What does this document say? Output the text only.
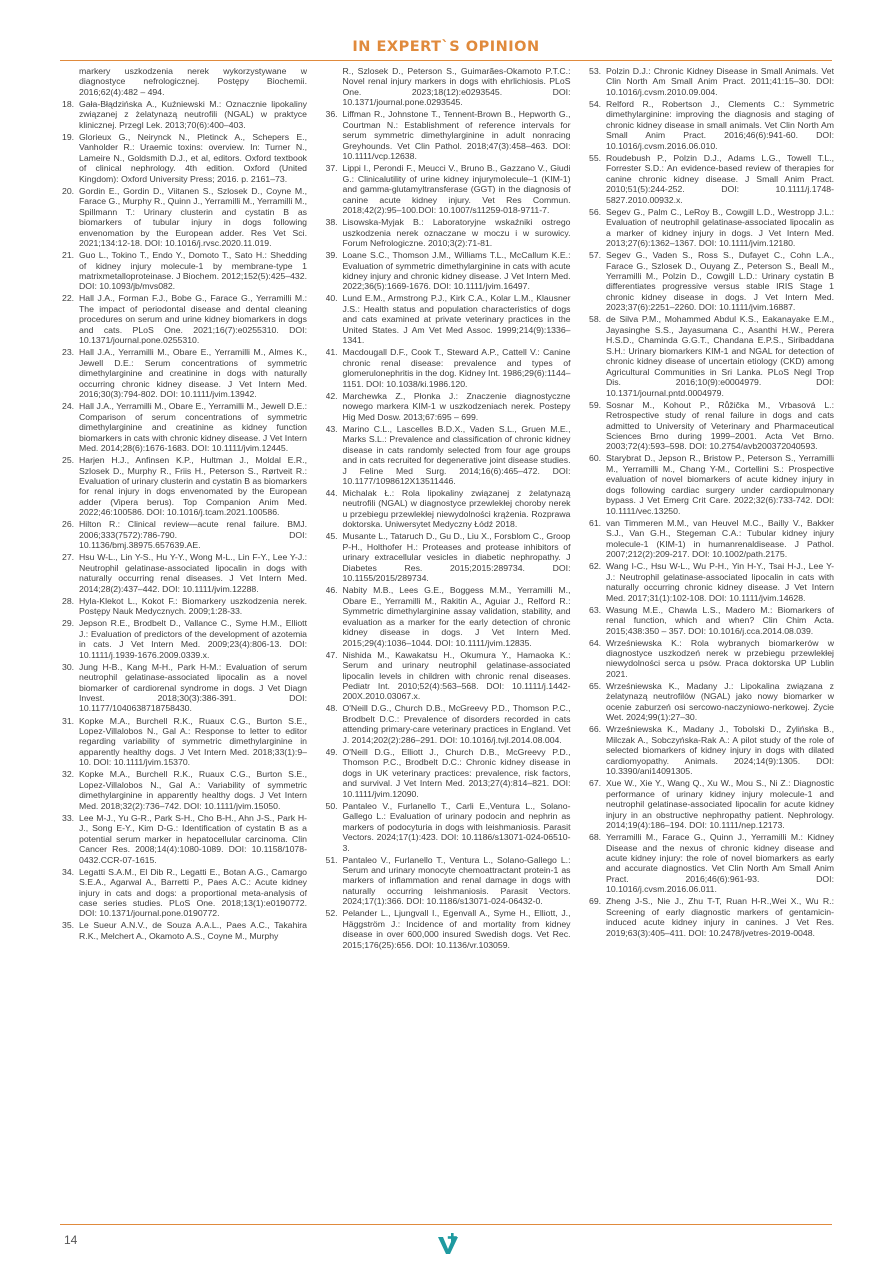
IN EXPERT`S OPINION
markery uszkodzenia nerek wykorzystywane w diagnostyce nefrologicznej. Postępy Biochemii. 2016;62(4):482 – 494.
18. Gała-Błądzińska A., Kuźniewski M.: Oznacznie lipokaliny związanej z żelatynazą neutrofili (NGAL) w praktyce klinicznej. Przegl Lek. 2013;70(6):400–403.
19. Glorieux G., Neirynck N., Pletinck A., Schepers E., Vanholder R.: Uraemic toxins: overview. In: Turner N., Lameire N., Goldsmith D.J., et al, editors. Oxford textbook of clinical nephrology. 4th edition. Oxford (United Kingdom): Oxford University Press; 2016. p. 2161–73.
20. Gordin E., Gordin D., Viitanen S., Szlosek D., Coyne M., Farace G., Murphy R., Quinn J., Yerramilli M., Yerramilli M., Spillmann T.: Urinary clusterin and cystatin B as biomarkers of tubular injury in dogs following envenomation by the European adder. Res Vet Sci. 2021;134:12-18. DOI: 10.1016/j.rvsc.2020.11.019.
21. Guo L., Tokino T., Endo Y., Domoto T., Sato H.: Shedding of kidney injury molecule-1 by membrane-type 1 matrixmetalloproteinase. J Biochem. 2012;152(5):425–432. DOI: 10.1093/jb/mvs082.
22. Hall J.A., Forman F.J., Bobe G., Farace G., Yerramilli M.: The impact of periodontal disease and dental cleaning procedures on serum and urine kidney biomarkers in dogs and cats. PLoS One. 2021;16(7):e0255310. DOI: 10.1371/journal.pone.0255310.
23. Hall J.A., Yerramilli M., Obare E., Yerramilli M., Almes K., Jewell D.E.: Serum concentrations of symmetric dimethylarginine and creatinine in dogs with naturally occurring chronic kidney disease. J Vet Intern Med. 2016;30(3):794-802. DOI: 10.1111/jvim.13942.
24. Hall J.A., Yerramilli M., Obare E., Yerramilli M., Jewell D.E.: Comparison of serum concentrations of symmetric dimethylarginine and creatinine as kidney function biomarkers in cats with chronic kidney disease. J Vet Intern Med. 2014;28(6):1676-1683. DOI: 10.1111/jvim.12445.
25. Harjen H.J., Anfinsen K.P., Hultman J., Moldal E.R., Szlosek D., Murphy R., Friis H., Peterson S., Rørtveit R.: Evaluation of urinary clusterin and cystatin B as biomarkers for renal injury in dogs envenomated by the European adder (Vipera berus). Top Companion Anim Med. 2022;46:100586. DOI: 10.1016/j.tcam.2021.100586.
26. Hilton R.: Clinical review—acute renal failure. BMJ. 2006;333(7572):786-790. DOI: 10.1136/bmj.38975.657639.AE.
27. Hsu W-L., Lin Y-S., Hu Y-Y., Wong M-L., Lin F-Y., Lee Y-J.: Neutrophil gelatinase-associated lipocalin in dogs with naturally occurring renal diseases. J Vet Intern Med. 2014;28(2):437–442. DOI: 10.1111/jvim.12288.
28. Hyla-Klekot L., Kokot F.: Biomarkery uszkodzenia nerek. Postępy Nauk Medycznych. 2009;1:28-33.
29. Jepson R.E., Brodbelt D., Vallance C., Syme H.M., Elliott J.: Evaluation of predictors of the development of azotemia in cats. J Vet Intern Med. 2009;23(4):806-13. DOI: 10.1111/j.1939-1676.2009.0339.x.
30. Jung H-B., Kang M-H., Park H-M.: Evaluation of serum neutrophil gelatinase-associated lipocalin as a novel biomarker of cardiorenal syndrome in dogs. J Vet Diagn Invest. 2018;30(3):386-391. DOI: 10.1177/1040638718758430.
31. Kopke M.A., Burchell R.K., Ruaux C.G., Burton S.E., Lopez-Villalobos N., Gal A.: Response to letter to editor regarding variability of symmetric dimethylarginine in apparently healthy dogs. J Vet Intern Med. 2018;33(1):9–10. DOI: 10.1111/jvim.15370.
32. Kopke M.A., Burchell R.K., Ruaux C.G., Burton S.E., Lopez-Villalobos N., Gal A.: Variability of symmetric dimethylarginine in apparently healthy dogs. J Vet Intern Med. 2018;32(2):736–742. DOI: 10.1111/jvim.15050.
33. Lee M-J., Yu G-R., Park S-H., Cho B-H., Ahn J-S., Park H-J., Song E-Y., Kim D-G.: Identification of cystatin B as a potential serum marker in hepatocellular carcinoma. Clin Cancer Res. 2008;14(4):1080-1089. DOI: 10.1158/1078-0432.CCR-07-1615.
34. Legatti S.A.M., El Dib R., Legatti E., Botan A.G., Camargo S.E.A., Agarwal A., Barretti P., Paes A.C.: Acute kidney injury in cats and dogs: a proportional meta-analysis of case series studies. PLoS One. 2018;13(1):e0190772. DOI: 10.1371/journal.pone.0190772.
35. Le Sueur A.N.V., de Souza A.A.L., Paes A.C., Takahira R.K., Melchert A., Okamoto A.S., Coyne M., Murphy
R., Szlosek D., Peterson S., Guimarães-Okamoto P.T.C.: Novel renal injury markers in dogs with ehrlichiosis. PLoS One. 2023;18(12):e0293545. DOI: 10.1371/journal.pone.0293545.
36. Liffman R., Johnstone T., Tennent-Brown B., Hepworth G., Courtman N.: Establishment of reference intervals for serum symmetric dimethylarginine in adult nonracing Greyhounds. Vet Clin Pathol. 2018;47(3):458–463. DOI: 10.1111/vcp.12638.
37. Lippi I., Perondi F., Meucci V., Bruno B., Gazzano V., Giudi G.: Clinicalutility of urine kidney injurymolecule–1 (KIM-1) and gamma-glutamyltransferase (GGT) in the diagnosis of canine acute kidney injury. Vet Res Commun. 2018;42(2):95–100.DOI: 10.1007/s11259-018-9711-7.
38. Lisowska-Myjak B.: Laboratoryjne wskaźniki ostrego uszkodzenia nerek oznaczane w moczu i w surowicy. Forum Nefrologiczne. 2010;3(2):71-81.
39. Loane S.C., Thomson J.M., Williams T.L., McCallum K.E.: Evaluation of symmetric dimethylarginine in cats with acute kidney injury and chronic kidney disease. J Vet Intern Med. 2022;36(5):1669-1676. DOI: 10.1111/jvim.16497.
40. Lund E.M., Armstrong P.J., Kirk C.A., Kolar L.M., Klausner J.S.: Health status and population characteristics of dogs and cats examined at private veterinary practices in the United States. J Am Vet Med Assoc. 1999;214(9):1336–1341.
41. Macdougall D.F., Cook T., Steward A.P., Cattell V.: Canine chronic renal disease: prevalence and types of glomerulonephritis in the dog. Kidney Int. 1986;29(6):1144–1151. DOI: 10.1038/ki.1986.120.
42. Marchewka Z., Płonka J.: Znaczenie diagnostyczne nowego markera KIM-1 w uszkodzeniach nerek. Postepy Hig Med Dosw. 2013;67:695 – 699.
43. Marino C.L., Lascelles B.D.X., Vaden S.L., Gruen M.E., Marks S.L.: Prevalence and classification of chronic kidney disease in cats randomly selected from four age groups and in cats recruited for degenerative joint disease studies. J Feline Med Surg. 2014;16(6):465–472. DOI: 10.1177/1098612X13511446.
44. Michalak Ł.: Rola lipokaliny związanej z żelatynazą neutrofili (NGAL) w diagnostyce przewlekłej choroby nerek u przebiegu przewlekłej niewydolności krążenia. Rozprawa doktorska. Uniwersytet Medyczny Łódź 2018.
45. Musante L., Tataruch D., Gu D., Liu X., Forsblom C., Groop P-H., Holthofer H.: Proteases and protease inhibitors of urinary extracellular vesicles in diabetic nephropathy. J Diabetes Res. 2015;2015:289734. DOI: 10.1155/2015/289734.
46. Nabity M.B., Lees G.E., Boggess M.M., Yerramilli M., Obare E., Yerramilli M., Rakitin A., Aguiar J., Relford R.: Symmetric dimethylarginine assay validation, stability, and evaluation as a marker for the early detection of chronic kidney disease in dogs. J Vet Intern Med. 2015;29(4):1036–1044. DOI: 10.1111/jvim.12835.
47. Nishida M., Kawakatsu H., Okumura Y., Hamaoka K.: Serum and urinary neutrophil gelatinase-associated lipocalin levels in children with chronic renal diseases. Pediatr Int. 2010;52(4):563–568. DOI: 10.1111/j.1442-200X.2010.03067.x.
48. O'Neill D.G., Church D.B., McGreevy P.D., Thomson P.C., Brodbelt D.C.: Prevalence of disorders recorded in cats attending primary-care veterinary practices in England. Vet J. 2014;202(2):286–291. DOI: 10.1016/j.tvjl.2014.08.004.
49. O'Neill D.G., Elliott J., Church D.B., McGreevy P.D., Thomson P.C., Brodbelt D.C.: Chronic kidney disease in dogs in UK veterinary practices: prevalence, risk factors, and survival. J Vet Intern Med. 2013;27(4):814–821. DOI: 10.1111/jvim.12090.
50. Pantaleo V., Furlanello T., Carli E.,Ventura L., Solano-Gallego L.: Evaluation of urinary podocin and nephrin as markers of podocyturia in dogs with leishmaniosis. Parasit Vectors. 2024;17(1):423. DOI: 10.1186/s13071-024-06510-3.
51. Pantaleo V., Furlanello T., Ventura L., Solano-Gallego L.: Serum and urinary monocyte chemoattractant protein-1 as markers of inflammation and renal damage in dogs with naturally occurring leishmaniosis. Parasit Vectors. 2024;17(1):366. DOI: 10.1186/s13071-024-06432-0.
52. Pelander L., Ljungvall I., Egenvall A., Syme H., Elliott, J., Häggström J.: Incidence of and mortality from kidney disease in over 600,000 insured Swedish dogs. Vet Rec. 2015;176(25):656. DOI: 10.1136/vr.103059.
53. Polzin D.J.: Chronic Kidney Disease in Small Animals. Vet Clin North Am Small Anim Pract. 2011;41:15–30. DOI: 10.1016/j.cvsm.2010.09.004.
54. Relford R., Robertson J., Clements C.: Symmetric dimethylarginine: improving the diagnosis and staging of chronic kidney disease in small animals. Vet Clin North Am Small Anim Pract. 2016;46(6):941-60. DOI: 10.1016/j.cvsm.2016.06.010.
55. Roudebush P., Polzin D.J., Adams L.G., Towell T.L., Forrester S.D.: An evidence-based review of therapies for canine chronic kidney disease. J Small Anim Pract. 2010;51(5):244-252. DOI: 10.1111/j.1748-5827.2010.00932.x.
56. Segev G., Palm C., LeRoy B., Cowgill L.D., Westropp J.L.: Evaluation of neutrophil gelatinase-associated lipocalin as a marker of kidney injury in dogs. J Vet Intern Med. 2013;27(6):1362–1367. DOI: 10.1111/jvim.12180.
57. Segev G., Vaden S., Ross S., Dufayet C., Cohn L.A., Farace G., Szlosek D., Ouyang Z., Peterson S., Beall M., Yerramilli M., Polzin D., Cowgill L.D.: Urinary cystatin B differentiates progressive versus stable IRIS Stage 1 chronic kidney disease in dogs. J Vet Intern Med. 2023;37(6):2251–2260. DOI: 10.1111/jvim.16887.
58. de Silva P.M., Mohammed Abdul K.S., Eakanayake E.M., Jayasinghe S.S., Jayasumana C., Asanthi H.W., Perera H.S.D., Chaminda G.G.T., Chandana E.P.S., Siribaddana S.H.: Urinary biomarkers KIM-1 and NGAL for detection of chronic kidney disease of uncertain etiology (CKD) among Agricultural Communities in Sri Lanka. PLoS Negl Trop Dis. 2016;10(9):e0004979. DOI: 10.1371/journal.pntd.0004979.
59. Sosnar M., Kohout P., Růžička M., Vrbasová L.: Retrospective study of renal failure in dogs and cats admitted to University of Veterinary and Pharmaceutical Sciences Brno during 1999–2001. Acta Vet Brno. 2003;72(4):593–598. DOI: 10.2754/avb200372040593.
60. Starybrat D., Jepson R., Bristow P., Peterson S., Yerramilli M., Yerramilli M., Chang Y-M., Cortellini S.: Prospective evaluation of novel biomarkers of acute kidney injury in dogs following cardiac surgery under cardiopulmonary bypass. J Vet Emerg Crit Care. 2022;32(6):733-742. DOI: 10.1111/vec.13250.
61. van Timmeren M.M., van Heuvel M.C., Bailly V., Bakker S.J., Van G.H., Stegeman C.A.: Tubular kidney injury molecule-1 (KIM-1) in humanrenaldisease. J Pathol. 2007;212(2):209-217. DOI: 10.1002/path.2175.
62. Wang I-C., Hsu W-L., Wu P-H., Yin H-Y., Tsai H-J., Lee Y-J.: Neutrophil gelatinase-associated lipocalin in cats with naturally occurring chronic kidney disease. J Vet Intern Med. 2017;31(1):102-108. DOI: 10.1111/jvim.14628.
63. Wasung M.E., Chawla L.S., Madero M.: Biomarkers of renal function, which and when? Clin Chim Acta. 2015;438:350 – 357. DOI: 10.1016/j.cca.2014.08.039.
64. Wrześniewska K.: Rola wybranych biomarkerów w diagnostyce uszkodzeń nerek w przebiegu przewlekłej niewydolności serca u psów. Praca doktorska UP Lublin 2021.
65. Wrześniewska K., Madany J.: Lipokalina związana z żelatynazą neutrofilów (NGAL) jako nowy biomarker w ocenie zaburzeń osi sercowo-naczyniowo-nerkowej. Życie Wet. 2024;99(1):27–30.
66. Wrześniewska K., Madany J., Tobolski D., Żylińska B., Milczak A., Sobczyńska-Rak A.: A pilot study of the role of selected biomarkers of kidney injury in dogs with dilated cardiomyopathy. Animals. 2024;14(9):1305. DOI: 10.3390/ani14091305.
67. Xue W., Xie Y., Wang Q., Xu W., Mou S., Ni Z.: Diagnostic performance of urinary kidney injury molecule-1 and neutrophil gelatinase-associated lipocalin for acute kidney injury in an obstructive nephropathy patient. Nephrology. 2014;19(4):186–194. DOI: 10.1111/nep.12173.
68. Yerramilli M., Farace G., Quinn J., Yerramilli M.: Kidney Disease and the nexus of chronic kidney disease and acute kidney injury: the role of novel biomarkers as early and accurate diagnostics. Vet Clin North Am Small Anim Pract. 2016;46(6):961-93. DOI: 10.1016/j.cvsm.2016.06.011.
69. Zheng J-S., Nie J., Zhu T-T, Ruan H-R.,Wei X., Wu R.: Screening of early diagnostic markers of gentamicin-induced acute kidney injury in canines. J Vet Res. 2019;63(3):405–411. DOI: 10.2478/jvetres-2019-0048.
14
